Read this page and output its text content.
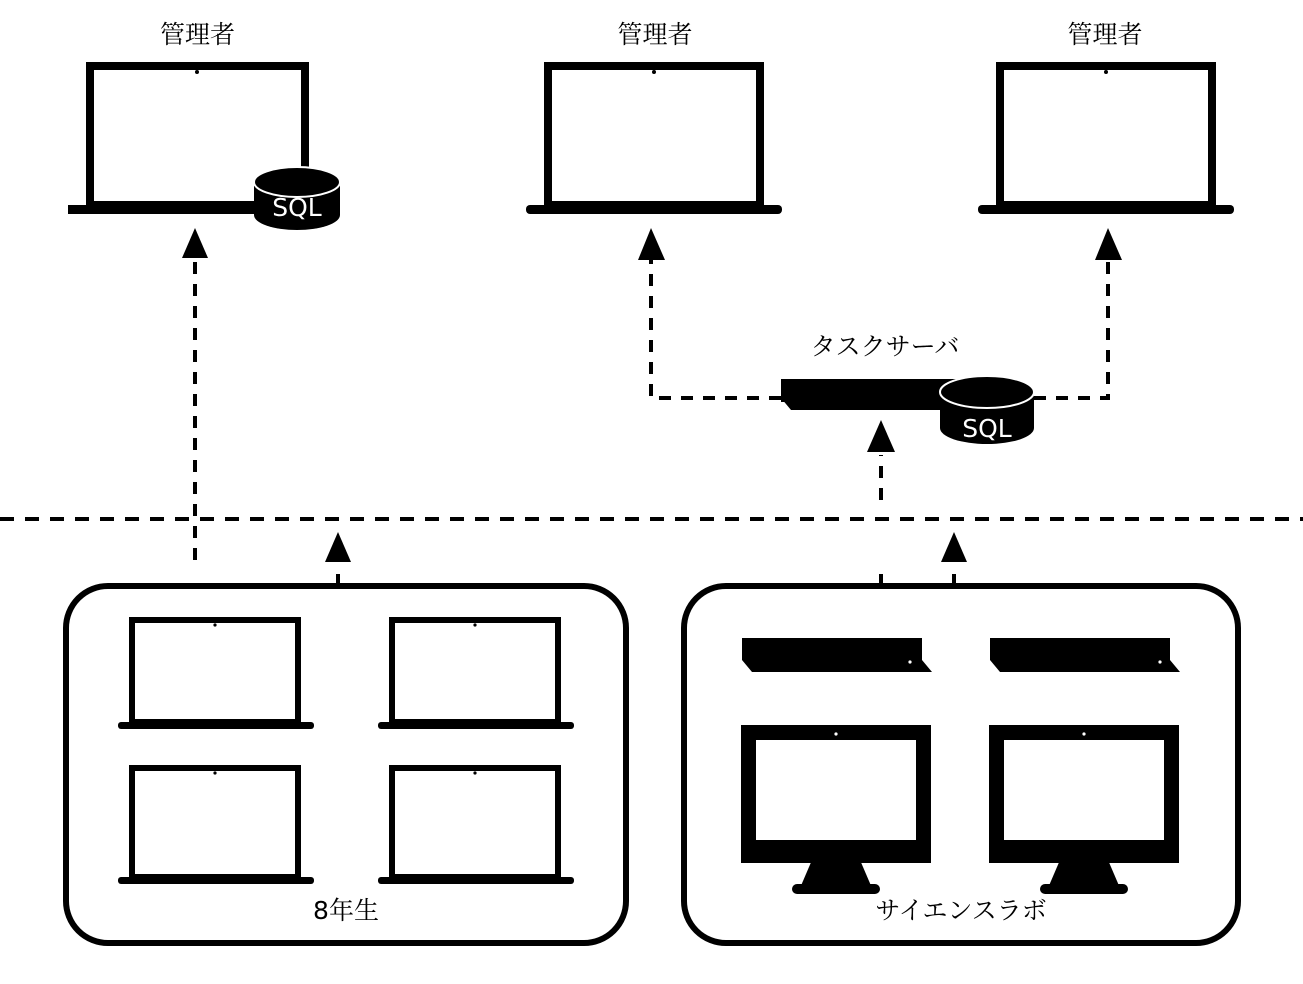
SQL
SQL
管理者	管理者	管理者
タスクサーバ
8年生	サイエンスラボ
